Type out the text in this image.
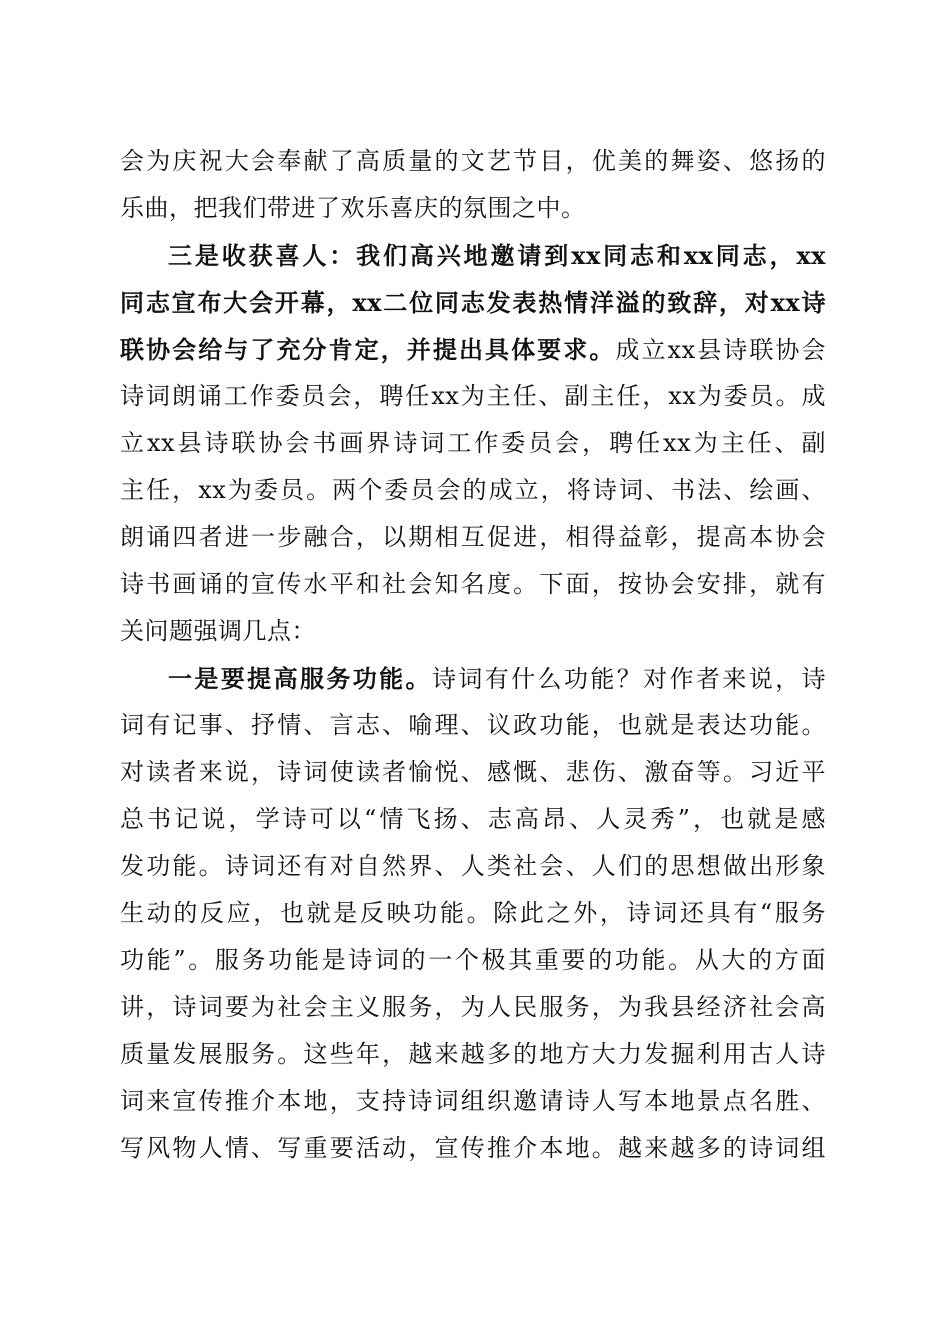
会为庆祝大会奉献了高质量的文艺节目，优美的舞姿、悠扬的
乐曲，把我们带进了欢乐喜庆的氛围之中。
三是收获喜人：我们高兴地邀请到xx同志和xx同志，xx
同志宣布大会开幕，xx二位同志发表热情洋溢的致辞，对xx诗
联协会给与了充分肯定，并提出具体要求。成立xx县诗联协会
诗词朗诵工作委员会，聘任xx为主任、副主任，xx为委员。成
立xx县诗联协会书画界诗词工作委员会，聘任xx为主任、副
主任，xx为委员。两个委员会的成立，将诗词、书法、绘画、
朗诵四者进一步融合，以期相互促进，相得益彰，提高本协会
诗书画诵的宣传水平和社会知名度。下面，按协会安排，就有
关问题强调几点：
一是要提高服务功能。诗词有什么功能？对作者来说，诗
词有记事、抒情、言志、喻理、议政功能，也就是表达功能。
对读者来说，诗词使读者愉悦、感慨、悲伤、激奋等。习近平
总书记说，学诗可以“情飞扬、志高昂、人灵秀”，也就是感
发功能。诗词还有对自然界、人类社会、人们的思想做出形象
生动的反应，也就是反映功能。除此之外，诗词还具有“服务
功能”。服务功能是诗词的一个极其重要的功能。从大的方面
讲，诗词要为社会主义服务，为人民服务，为我县经济社会高
质量发展服务。这些年，越来越多的地方大力发掘利用古人诗
词来宣传推介本地，支持诗词组织邀请诗人写本地景点名胜、
写风物人情、写重要活动，宣传推介本地。越来越多的诗词组
